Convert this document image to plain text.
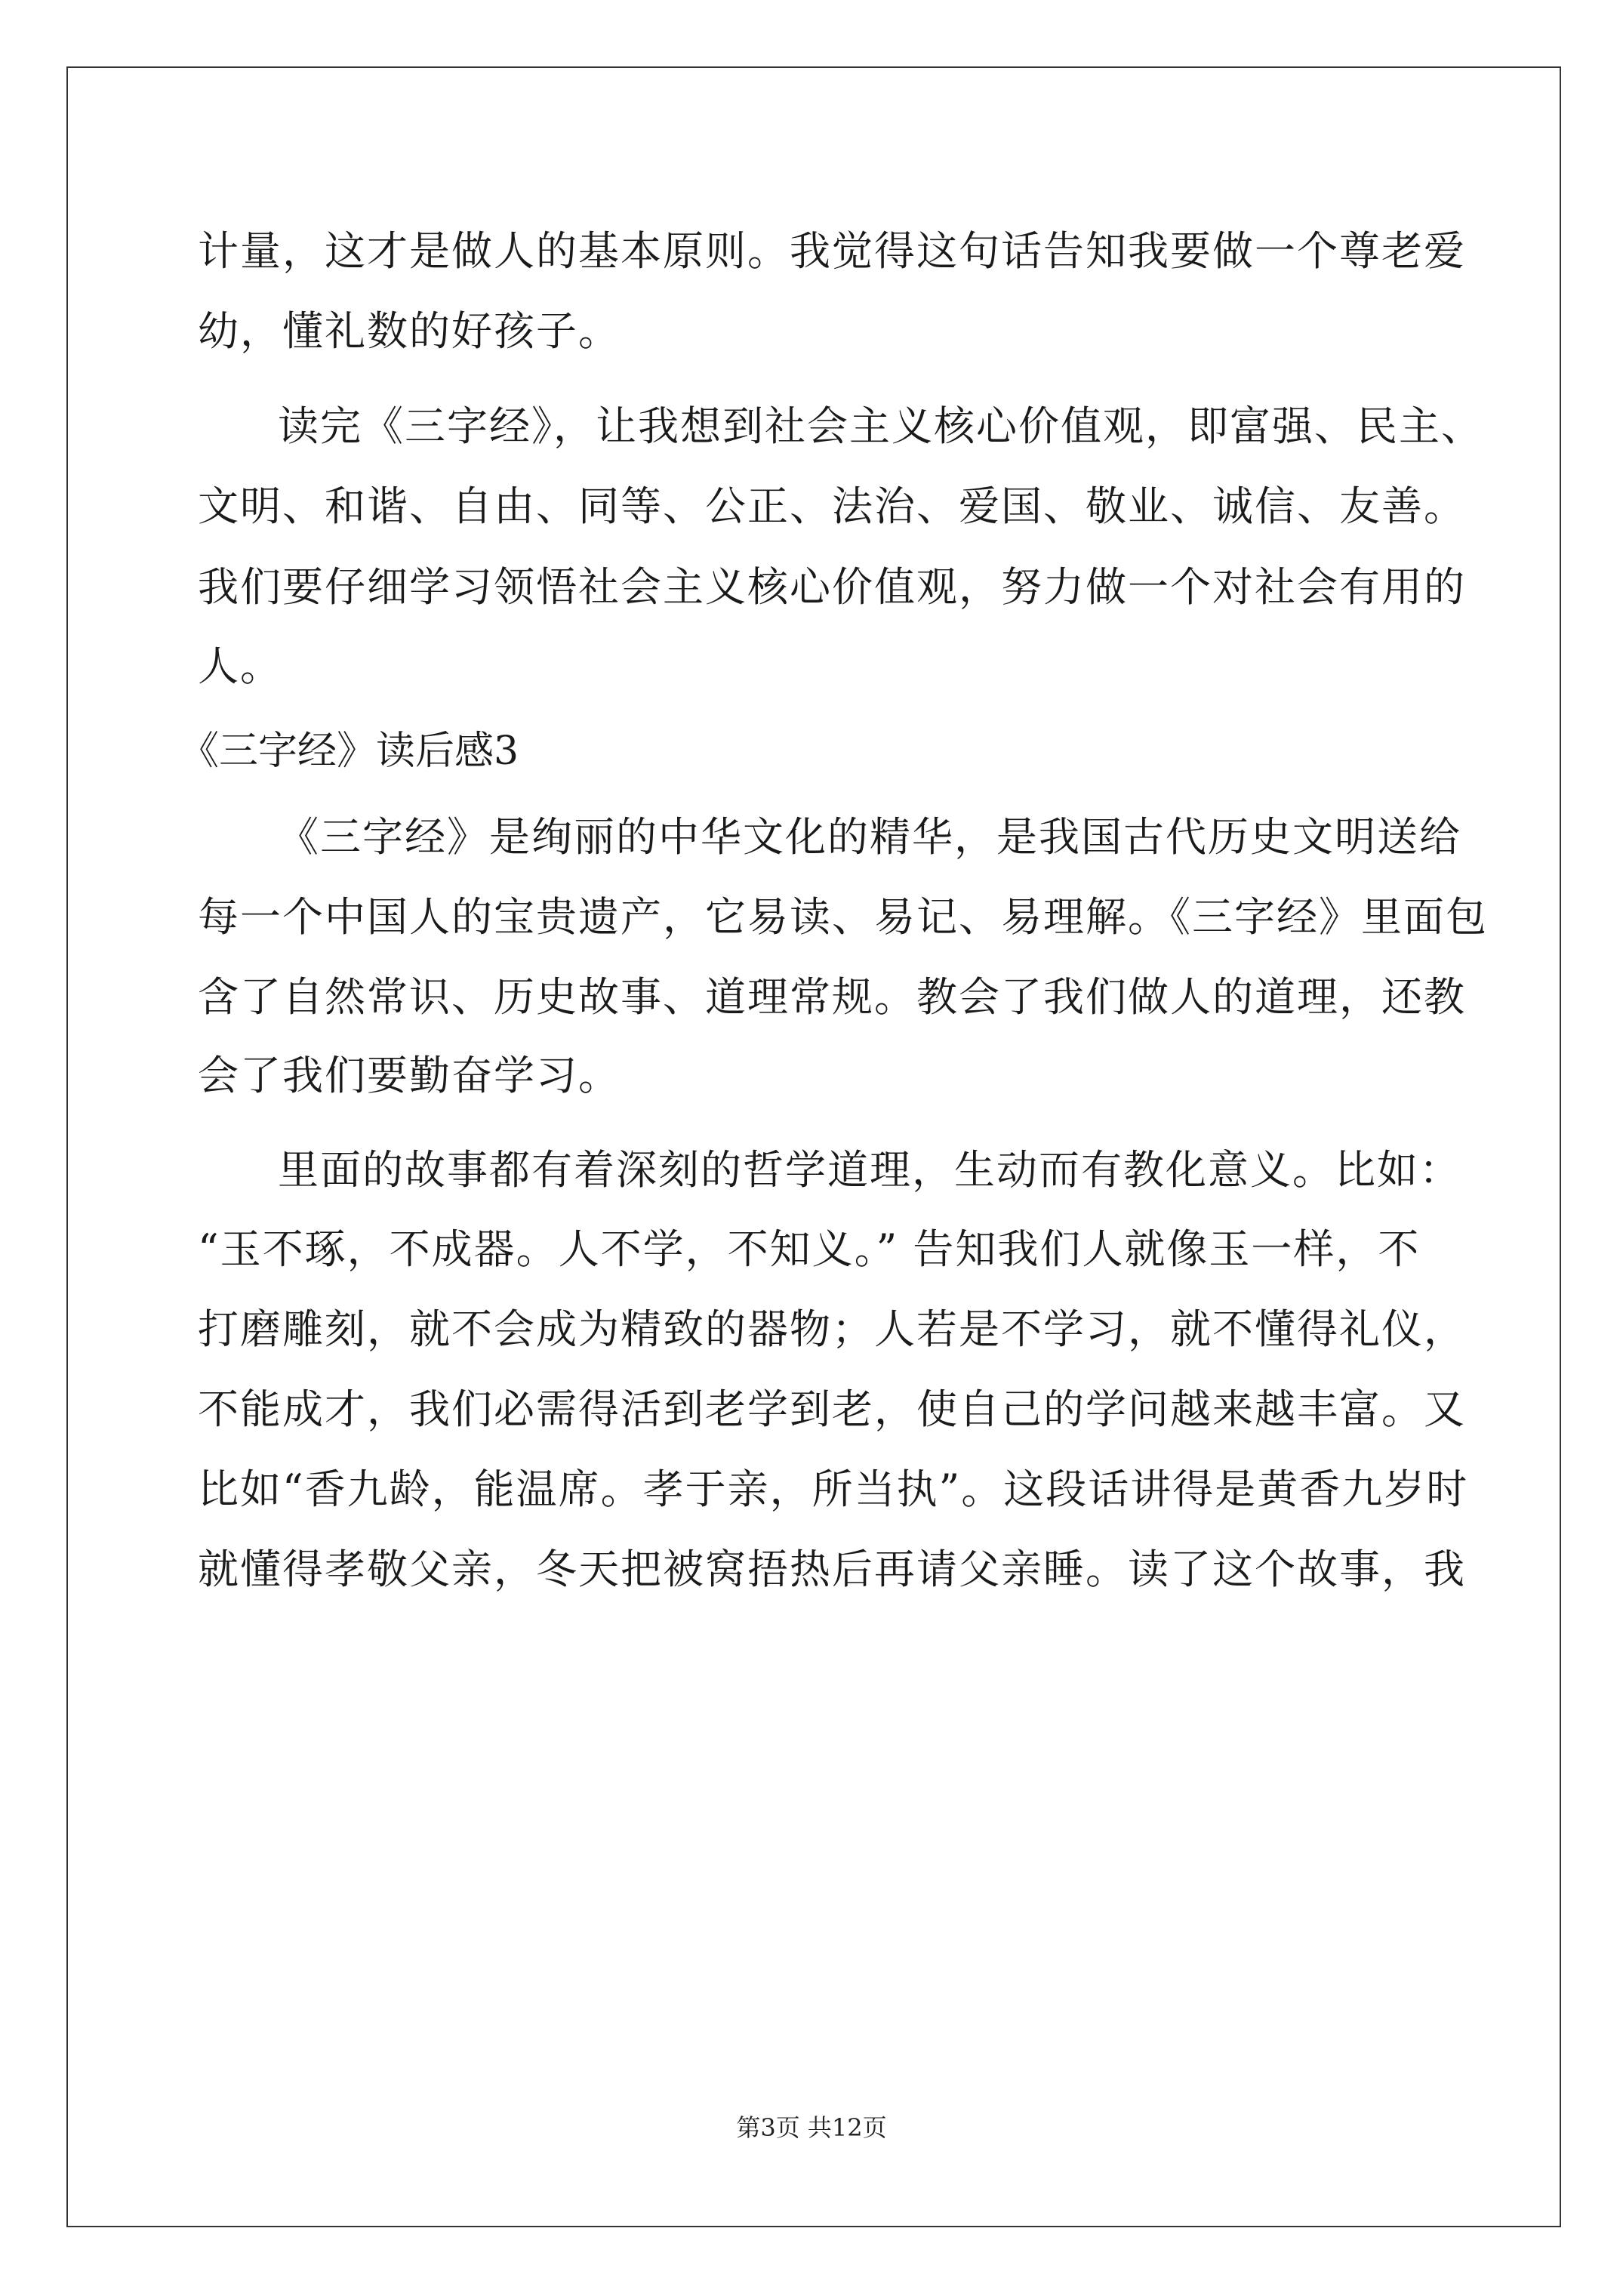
计量，这才是做人的基本原则。我觉得这句话告知我要做一个尊老爱
幼，懂礼数的好孩子。
读完《三字经》，让我想到社会主义核心价值观，即富强、民主、
文明、和谐、自由、同等、公正、法治、爱国、敬业、诚信、友善。
我们要仔细学习领悟社会主义核心价值观，努力做一个对社会有用的
人。
《三字经》读后感3
《三字经》是绚丽的中华文化的精华，是我国古代历史文明送给
每一个中国人的宝贵遗产，它易读、易记、易理解。《三字经》里面包
含了自然常识、历史故事、道理常规。教会了我们做人的道理，还教
会了我们要勤奋学习。
里面的故事都有着深刻的哲学道理，生动而有教化意义。比如：
“玉不琢，不成器。人不学，不知义。” 告知我们人就像玉一样，不
打磨雕刻，就不会成为精致的器物；人若是不学习，就不懂得礼仪，
不能成才，我们必需得活到老学到老，使自己的学问越来越丰富。又
比如“香九龄，能温席。孝于亲，所当执”。这段话讲得是黄香九岁时
就懂得孝敬父亲，冬天把被窝捂热后再请父亲睡。读了这个故事，我
第3页 共12页
